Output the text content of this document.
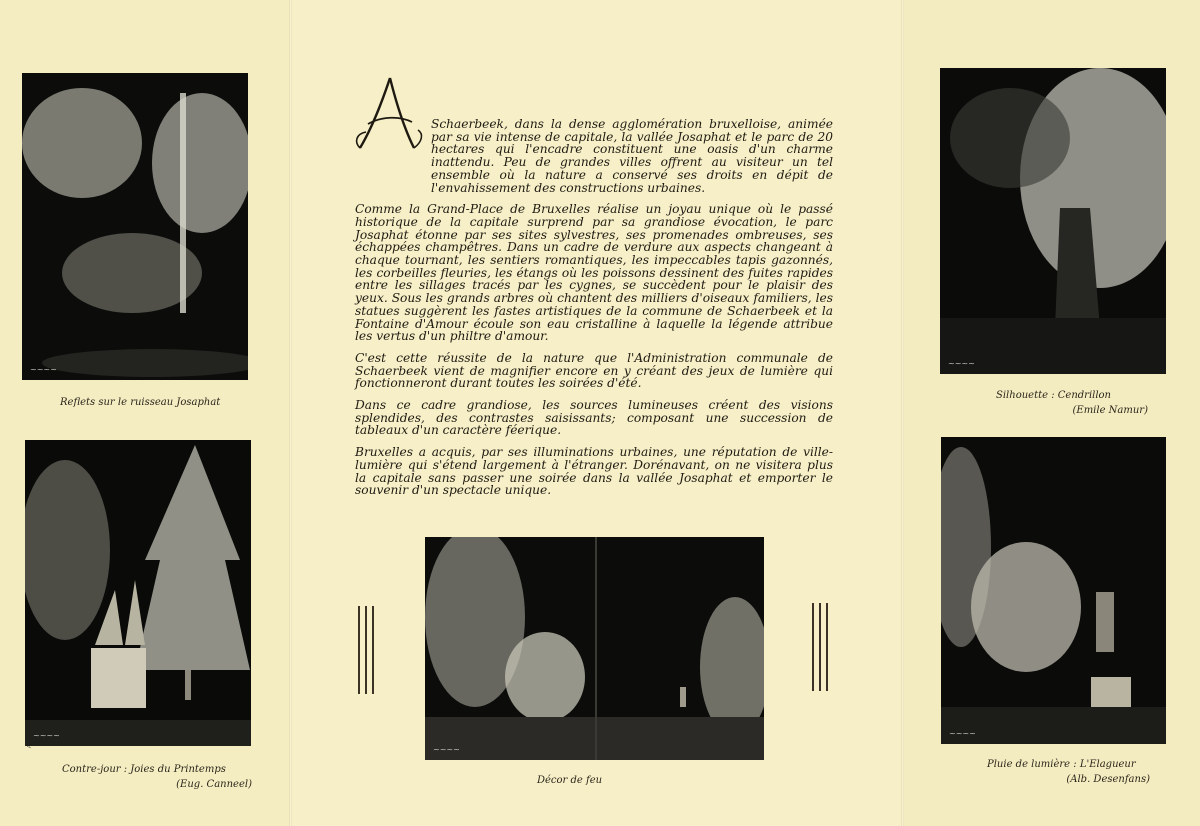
~~~~
Reflets sur le ruisseau Josaphat
~~~~
Contre-jour : Joies du Printemps
(Eug. Canneel)

Schaerbeek, dans la dense agglomération bruxelloise, animée par sa vie intense de capitale, la vallée Josaphat et le parc de 20 hectares qui l'encadre constituent une oasis d'un charme inattendu. Peu de grandes villes offrent au visiteur un tel ensemble où la nature a conservé ses droits en dépit de l'envahissement des constructions urbaines.

Comme la Grand-Place de Bruxelles réalise un joyau unique où le passé historique de la capitale surprend par sa grandiose évocation, le parc Josaphat étonne par ses sites sylvestres, ses promenades ombreuses, ses échappées champêtres. Dans un cadre de verdure aux aspects changeant à chaque tournant, les sentiers romantiques, les impeccables tapis gazonnés, les corbeilles fleuries, les étangs où les poissons dessinent des fuites rapides entre les sillages tracés par les cygnes, se succèdent pour le plaisir des yeux. Sous les grands arbres où chantent des milliers d'oiseaux familiers, les statues suggèrent les fastes artistiques de la commune de Schaerbeek et la Fontaine d'Amour écoule son eau cristalline à laquelle la légende attribue les vertus d'un philtre d'amour.

C'est cette réussite de la nature que l'Administration communale de Schaerbeek vient de magnifier encore en y créant des jeux de lumière qui fonctionneront durant toutes les soirées d'été.

Dans ce cadre grandiose, les sources lumineuses créent des visions splendides, des contrastes saisissants; composant une succession de tableaux d'un caractère féerique.

Bruxelles a acquis, par ses illuminations urbaines, une réputation de ville-lumière qui s'étend largement à l'étranger. Dorénavant, on ne visitera plus la capitale sans passer une soirée dans la vallée Josaphat et emporter le souvenir d'un spectacle unique.

~~~~
Décor de feu
~~~~
Silhouette : Cendrillon
(Emile Namur)
~~~~
Pluie de lumière : L'Elagueur
(Alb. Desenfans)
